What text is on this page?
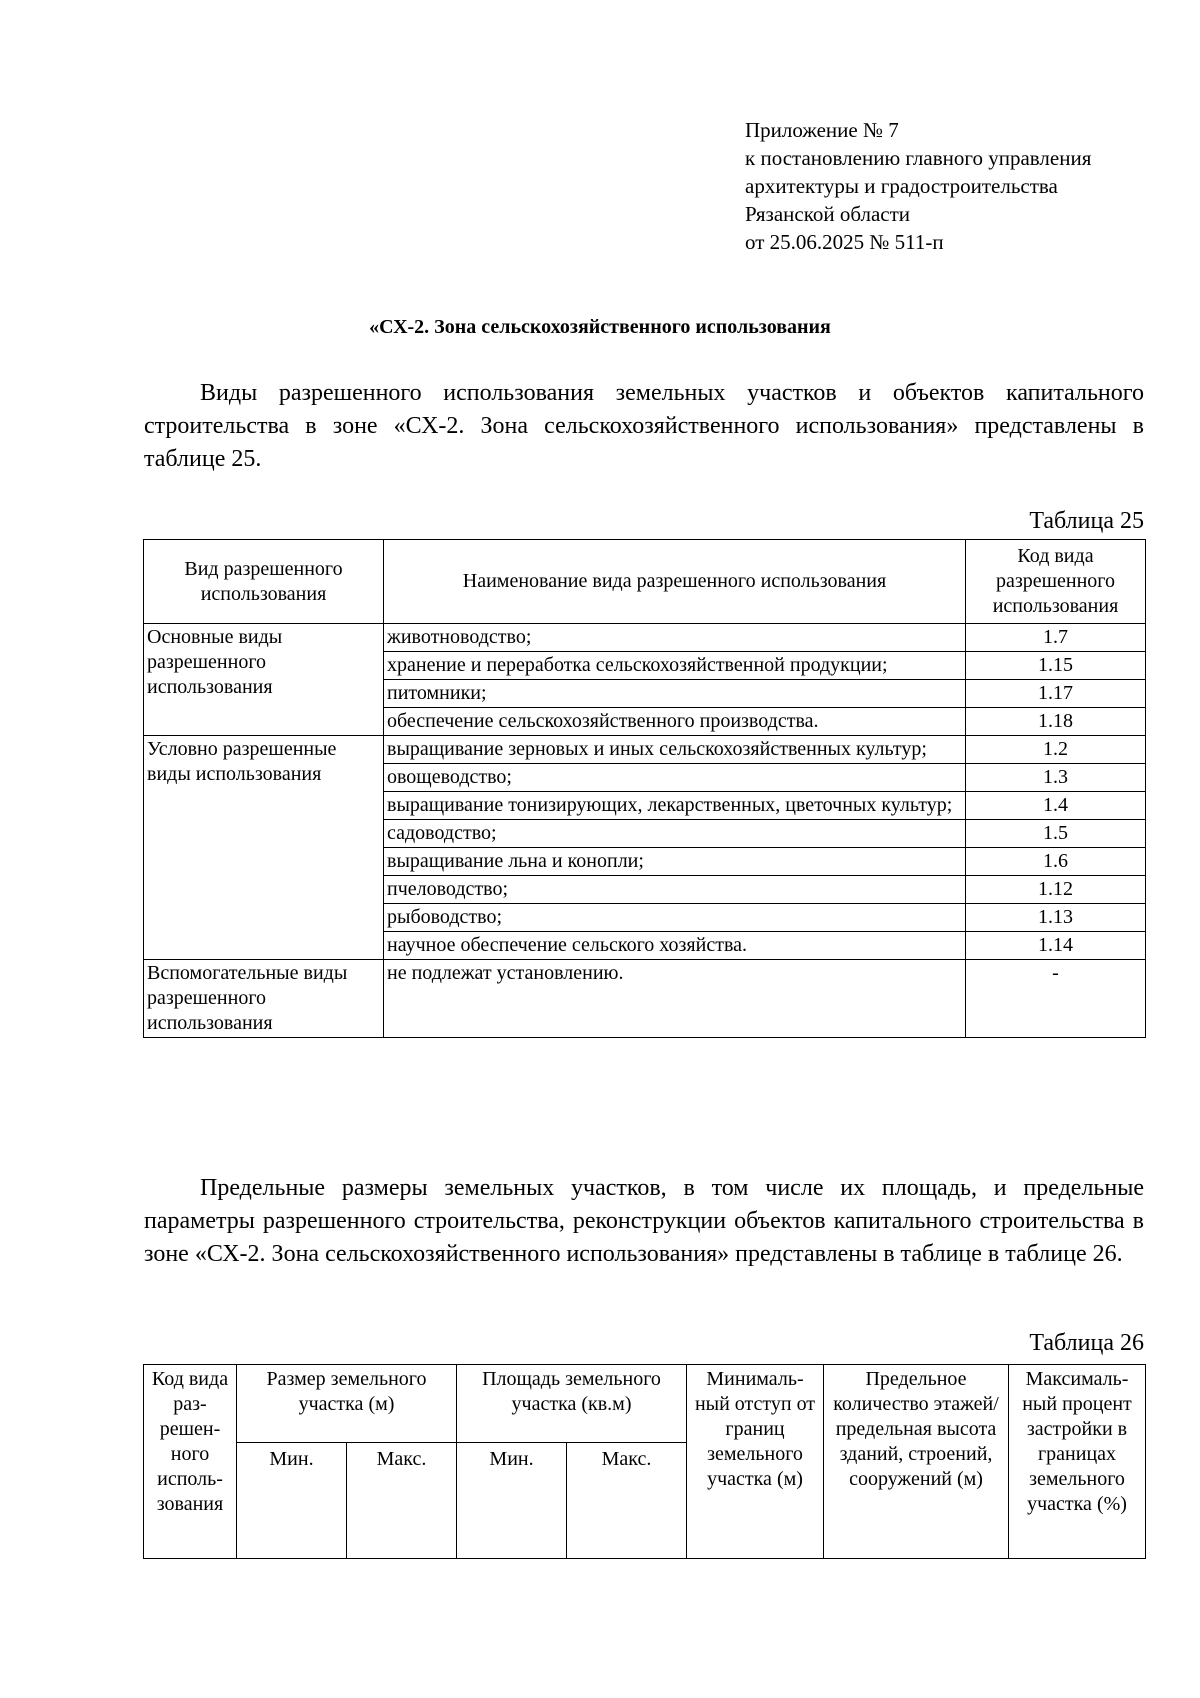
Приложение № 7
к постановлению главного управления
архитектуры и градостроительства
Рязанской области
от 25.06.2025 № 511-п
«СХ-2. Зона сельскохозяйственного использования
Виды разрешенного использования земельных участков и объектов капитального строительства в зоне «СХ-2. Зона сельскохозяйственного использования» представлены в таблице 25.
Таблица 25
Вид разрешенного использования	Наименование вида разрешенного использования	Код вида разрешенного использования
Основные виды разрешенного использования	животноводство;	1.7
	хранение и переработка сельскохозяйственной продукции;	1.15
	питомники;	1.17
	обеспечение сельскохозяйственного производства.	1.18
Условно разрешенные виды использования	выращивание зерновых и иных сельскохозяйственных культур;	1.2
	овощеводство;	1.3
	выращивание тонизирующих, лекарственных, цветочных культур;	1.4
	садоводство;	1.5
	выращивание льна и конопли;	1.6
	пчеловодство;	1.12
	рыбоводство;	1.13
	научное обеспечение сельского хозяйства.	1.14
Вспомогательные виды разрешенного использования	не подлежат установлению.	-
Предельные размеры земельных участков, в том числе их площадь, и предельные параметры разрешенного строительства, реконструкции объектов капитального строительства в зоне «СХ-2. Зона сельскохозяйственного использования» представлены в таблице в таблице 26.
Таблица 26
Код вида раз-решен-ного исполь-зования	Размер земельного участка (м)		Площадь земельного участка (кв.м)		Минималь-ный отступ от границ земельного участка (м)	Предельное количество этажей/ предельная высота зданий, строений, сооружений (м)	Максималь-ный процент застройки в границах земельного участка (%)
	Мин.	Макс.	Мин.	Макс.			
